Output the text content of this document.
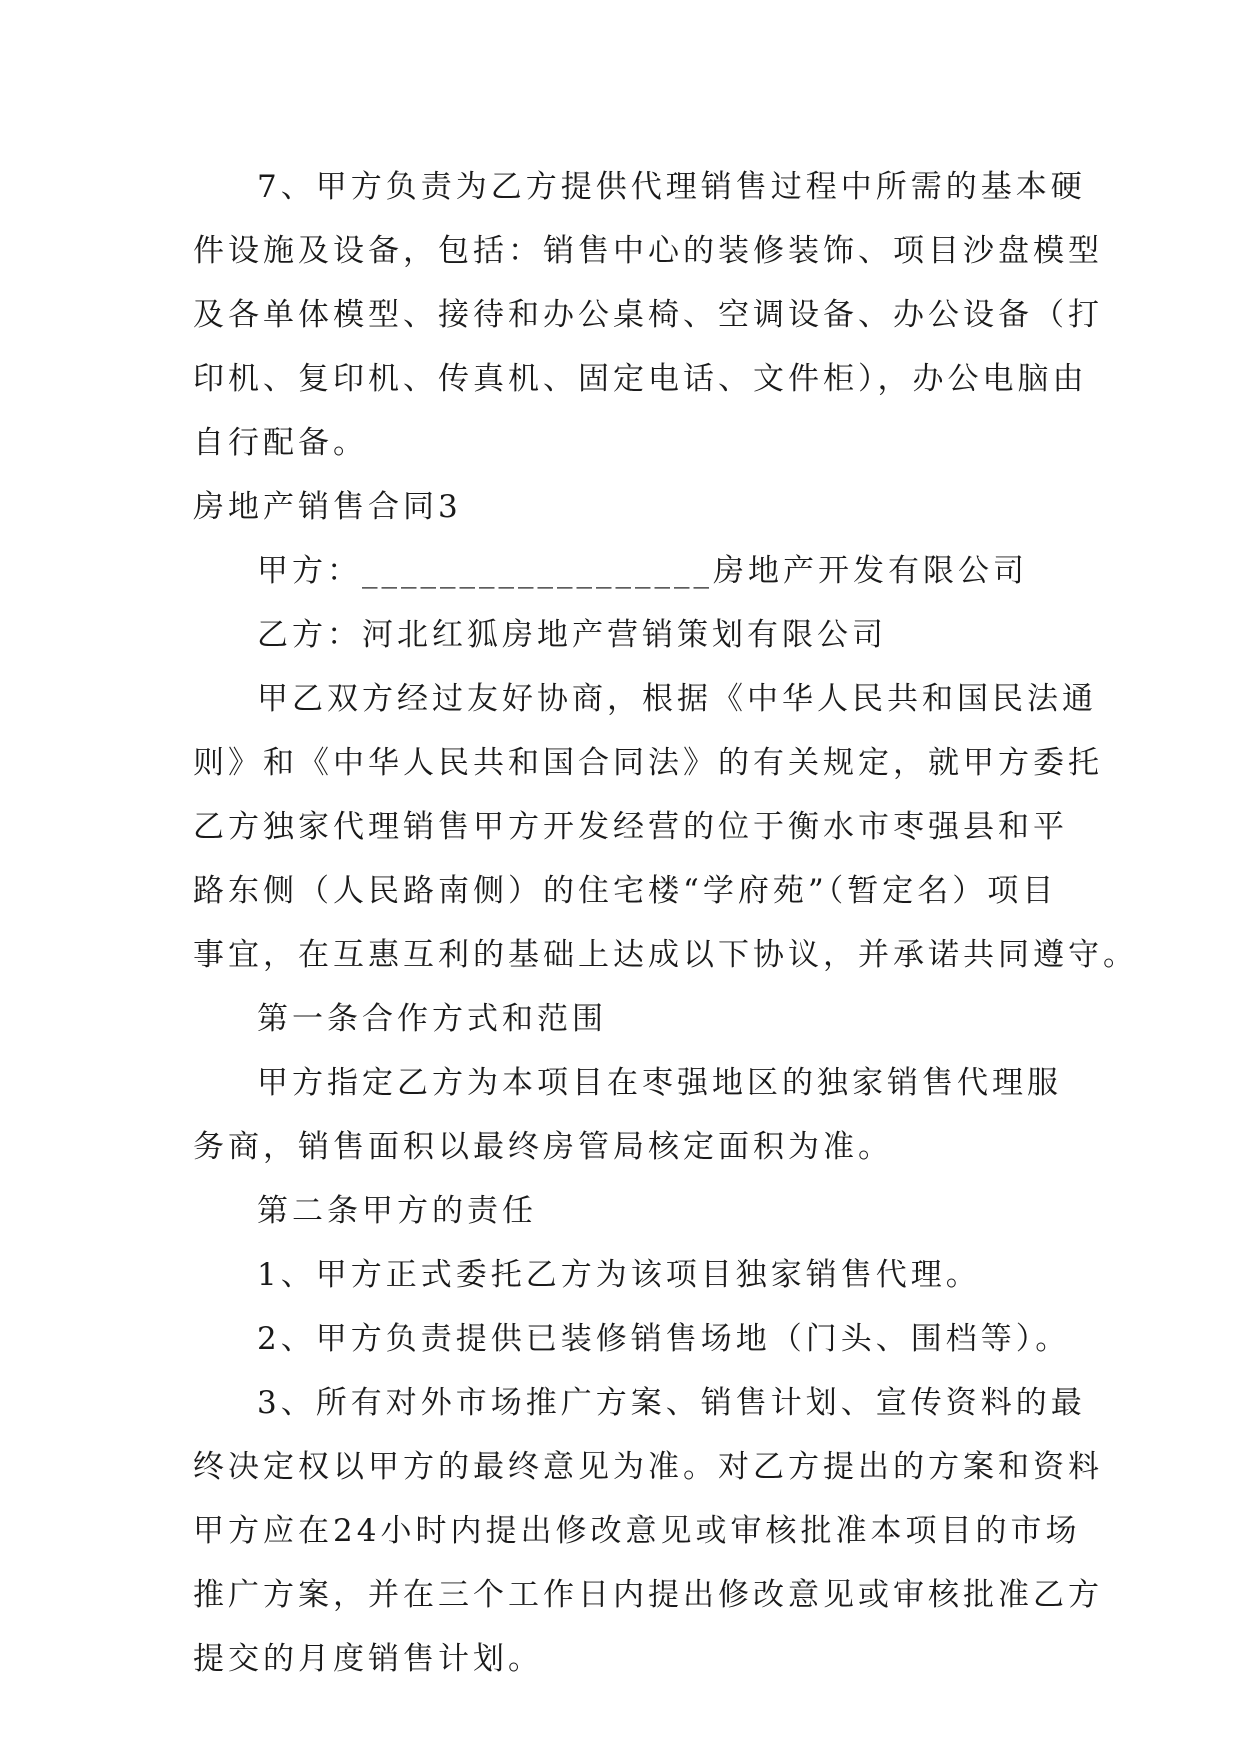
7、甲方负责为乙方提供代理销售过程中所需的基本硬
件设施及设备，包括：销售中心的装修装饰、项目沙盘模型
及各单体模型、接待和办公桌椅、空调设备、办公设备（打
印机、复印机、传真机、固定电话、文件柜），办公电脑由
自行配备。
房地产销售合同3
甲方：__________________房地产开发有限公司
乙方：河北红狐房地产营销策划有限公司
甲乙双方经过友好协商，根据《中华人民共和国民法通
则》和《中华人民共和国合同法》的有关规定，就甲方委托
乙方独家代理销售甲方开发经营的位于衡水市枣强县和平
路东侧（人民路南侧）的住宅楼“学府苑”（暂定名）项目
事宜，在互惠互利的基础上达成以下协议，并承诺共同遵守。
第一条合作方式和范围
甲方指定乙方为本项目在枣强地区的独家销售代理服
务商，销售面积以最终房管局核定面积为准。
第二条甲方的责任
1、甲方正式委托乙方为该项目独家销售代理。
2、甲方负责提供已装修销售场地（门头、围档等）。
3、所有对外市场推广方案、销售计划、宣传资料的最
终决定权以甲方的最终意见为准。对乙方提出的方案和资料
甲方应在24小时内提出修改意见或审核批准本项目的市场
推广方案，并在三个工作日内提出修改意见或审核批准乙方
提交的月度销售计划。
